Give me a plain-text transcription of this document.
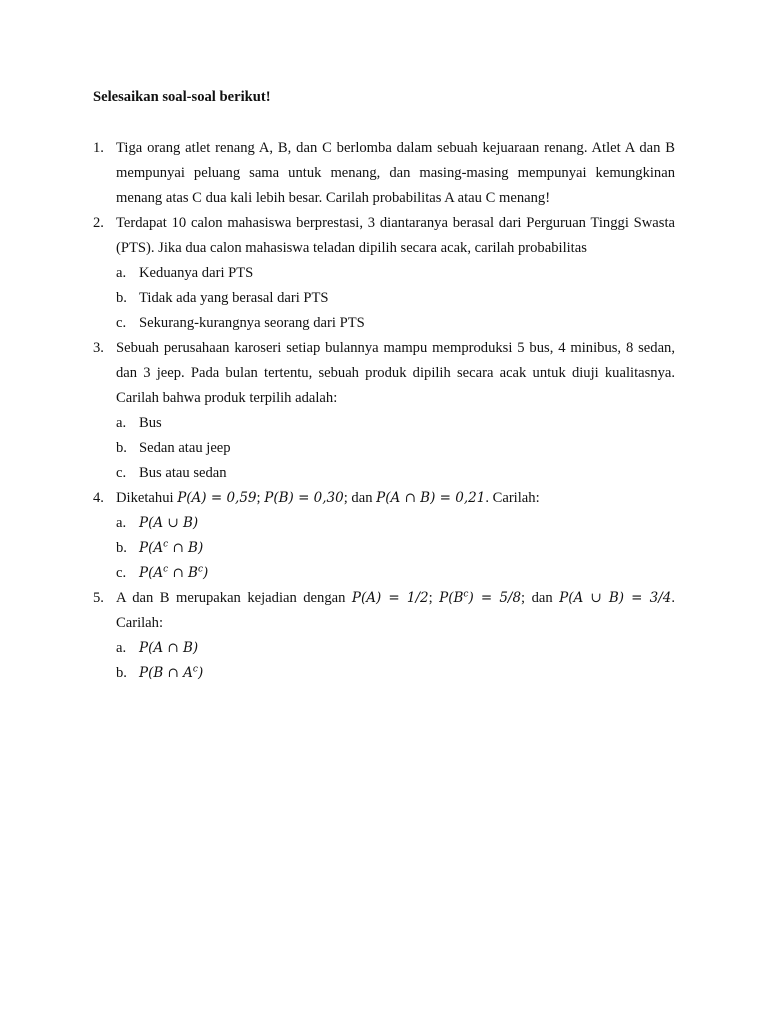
Selesaikan soal-soal berikut!
1. Tiga orang atlet renang A, B, dan C berlomba dalam sebuah kejuaraan renang. Atlet A dan B mempunyai peluang sama untuk menang, dan masing-masing mempunyai kemungkinan menang atas C dua kali lebih besar. Carilah probabilitas A atau C menang!
2. Terdapat 10 calon mahasiswa berprestasi, 3 diantaranya berasal dari Perguruan Tinggi Swasta (PTS). Jika dua calon mahasiswa teladan dipilih secara acak, carilah probabilitas
a. Keduanya dari PTS
b. Tidak ada yang berasal dari PTS
c. Sekurang-kurangnya seorang dari PTS
3. Sebuah perusahaan karoseri setiap bulannya mampu memproduksi 5 bus, 4 minibus, 8 sedan, dan 3 jeep. Pada bulan tertentu, sebuah produk dipilih secara acak untuk diuji kualitasnya. Carilah bahwa produk terpilih adalah:
a. Bus
b. Sedan atau jeep
c. Bus atau sedan
4. Diketahui P(A) = 0,59; P(B) = 0,30; dan P(A ∩ B) = 0,21. Carilah:
a. P(A ∪ B)
b. $P(A^c$ ∩ B)
c. $P(A^c$ ∩ $B^c$)
5. A dan B merupakan kejadian dengan P(A) = 1/2; $P(B^c) = 5/8$; dan P(A ∪ B) = 3/4. Carilah:
a. P(A ∩ B)
b. P(B ∩ $A^c$)
